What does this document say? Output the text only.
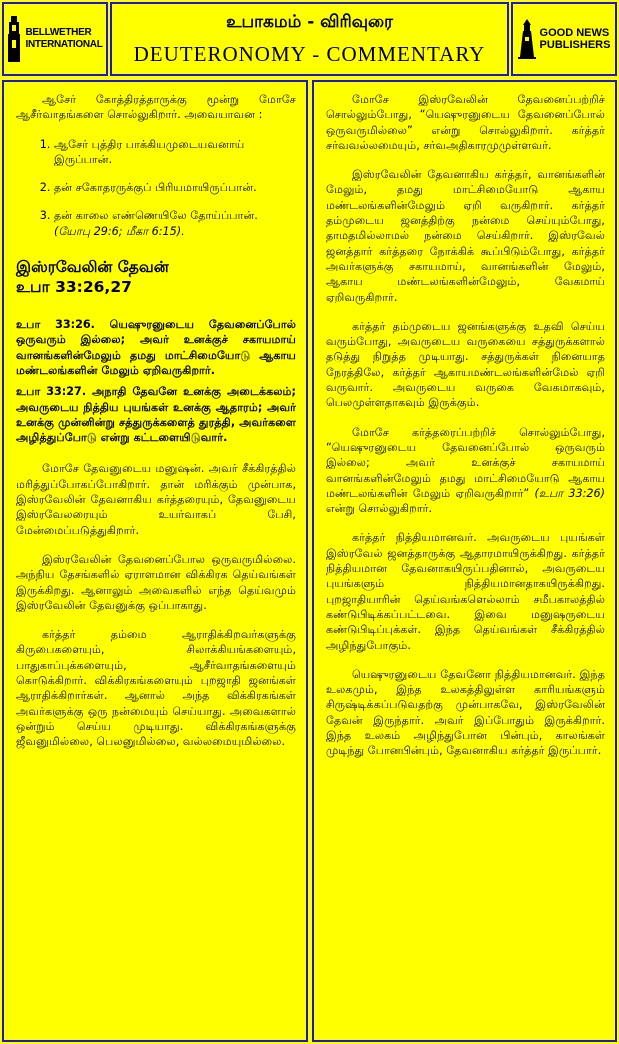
BELLWETHER
INTERNATIONAL
உபாகமம் - விரிவுரை
DEUTERONOMY - COMMENTARY
GOOD NEWS
PUBLISHERS

ஆசேர் கோத்திரத்தாருக்கு மூன்று மோசே ஆசீர்வாதங்களை சொல்லுகிறார். அவையாவன :

1. ஆசேர் புத்திர பாக்கியமுடையவனாய் இருப்பான்.
2. தன் சகோதரருக்குப் பிரியமாயிருப்பான்.
3. தன் காலை எண்ணெயிலே தோய்ப்பான். (யோபு 29:6; மீகா 6:15).
இஸ்ரவேலின் தேவன்
உபா 33:26,27

உபா 33:26. யெஷுரனுடைய தேவனைப்போல் ஒருவரும் இல்லை; அவர் உனக்குச் சகாயமாய் வானங்களின்மேலும் தமது மாட்சிமையோடு ஆகாய மண்டலங்களின் மேலும் ஏறிவருகிறார்.

உபா 33:27. அநாதி தேவனே உனக்கு அடைக்கலம்; அவருடைய நித்திய புயங்கள் உனக்கு ஆதாரம்; அவர் உனக்கு முன்னின்று சத்துருக்களைத் துரத்தி, அவர்களை அழித்துப்போடு என்று கட்டளையிடுவார்.

மோசே தேவனுடைய மனுஷன். அவர் சீக்கிரத்தில் மரித்துப்போகப்போகிறார். தான் மரிக்கும் முன்பாக, இஸ்ரவேலின் தேவனாகிய கர்த்தரையும், தேவனுடைய இஸ்ரவேலரையும் உயர்வாகப் பேசி, மேன்மைப்படுத்துகிறார்.

இஸ்ரவேலின் தேவனைப்போல ஒருவருமில்லை. அந்நிய தேசங்களில் ஏராளமான விக்கிரக தெய்வங்கள் இருக்கிறது. ஆனாலும் அவைகளில் எந்த தெய்வமும் இஸ்ரவேலின் தேவனுக்கு ஒப்பாகாது.

கர்த்தர் தம்மை ஆராதிக்கிறவர்களுக்கு கிருபைகளையும், சிலாக்கியங்களையும், பாதுகாப்புக்களையும், ஆசீர்வாதங்களையும் கொடுக்கிறார். விக்கிரகங்களையும் புறஜாதி ஜனங்கள் ஆராதிக்கிறார்கள். ஆனால் அந்த விக்கிரகங்கள் அவர்களுக்கு ஒரு நன்மையும் செய்யாது. அவைகளால் ஒன்றும் செய்ய முடியாது. விக்கிரகங்களுக்கு ஜீவனுமில்லை, பெலனுமில்லை, வல்லமையுமில்லை.

மோசே இஸ்ரவேலின் தேவனைப்பற்றிச் சொல்லும்போது, “யெஷுரனுடைய தேவனைப்போல் ஒருவருமில்லை” என்று சொல்லுகிறார். கர்த்தர் சர்வவல்லமையும், சர்வஅதிகாரமுமுள்ளவர்.

இஸ்ரவேலின் தேவனாகிய கர்த்தர், வானங்களின் மேலும், தமது மாட்சிமையோடு ஆகாய மண்டலங்களின்மேலும் ஏறி வருகிறார். கர்த்தர் தம்முடைய ஜனத்திற்கு நன்மை செய்யும்போது, தாமதமில்லாமல் நன்மை செய்கிறார். இஸ்ரவேல் ஜனத்தார் கர்த்தரை நோக்கிக் கூப்பிடும்போது, கர்த்தர் அவர்களுக்கு சகாயமாய், வானங்களின் மேலும், ஆகாய மண்டலங்களின்மேலும், வேகமாய் ஏறிவருகிறார்.

கர்த்தர் தம்முடைய ஜனங்களுக்கு உதவி செய்ய வரும்போது, அவருடைய வருகையை சத்துருக்களால் தடுத்து நிறுத்த முடியாது. சத்துருக்கள் நினையாத நேரத்திலே, கர்த்தர் ஆகாயமண்டலங்களின்மேல் ஏறி வருவார். அவருடைய வருகை வேகமாகவும், பெலமுள்ளதாகவும் இருக்கும்.

மோசே கர்த்தரைப்பற்றிச் சொல்லும்போது, “யெஷுரனுடைய தேவனைப்போல் ஒருவரும் இல்லை; அவர் உனக்குச் சகாயமாய் வானங்களின்மேலும் தமது மாட்சிமையோடு ஆகாய மண்டலங்களின் மேலும் ஏறிவருகிறார்” (உபா 33:26) என்று சொல்லுகிறார்.

கர்த்தர் நித்தியமானவர். அவருடைய புயங்கள் இஸ்ரவேல் ஜனத்தாருக்கு ஆதாரமாயிருக்கிறது. கர்த்தர் நித்தியமான தேவனாகயிருப்பதினால், அவருடைய புயங்களும் நித்தியமானதாகயிருக்கிறது. புறஜாதியாரின் தெய்வங்களெல்லாம் சமீபகாலத்தில் கண்டுபிடிக்கப்பட்டவை. இவை மனுஷருடைய கண்டுபிடிப்புக்கள். இந்த தெய்வங்கள் சீக்கிரத்தில் அழிந்துபோகும்.

யெஷுரனுடைய தேவனோ நித்தியமானவர். இந்த உலகமும், இந்த உலகத்திலுள்ள காரியங்களும் சிருஷ்டிக்கப்படுவதற்கு முன்பாகவே, இஸ்ரவேலின் தேவன் இருந்தார். அவர் இப்போதும் இருக்கிறார். இந்த உலகம் அழிந்துபோன பின்பும், காலங்கள் முடிந்து போனபின்பும், தேவனாகிய கர்த்தர் இருப்பார்.
